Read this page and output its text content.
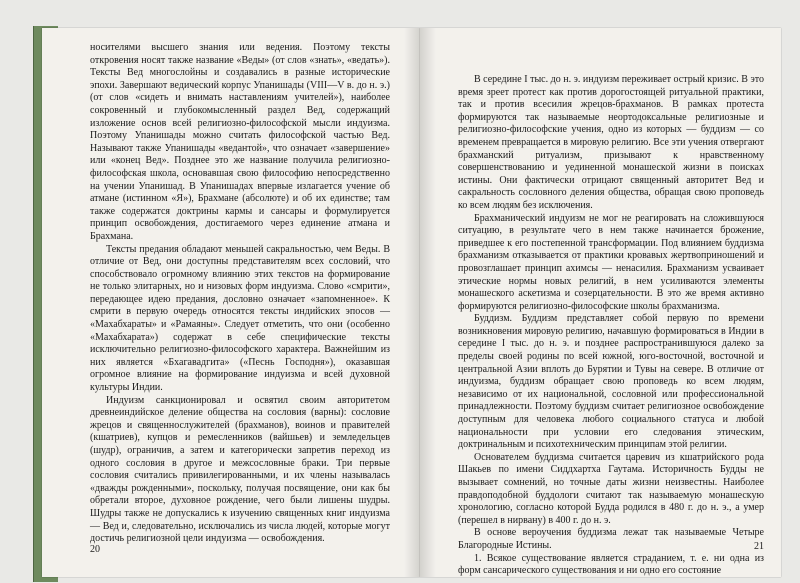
носителями высшего знания или ведения. Поэтому тексты откровения носят также название «Веды» (от слов «знать», «ведать»). Тексты Вед многослойны и создавались в разные исторические эпохи. Завершают ведический корпус Упанишады (VIII—V в. до н. э.) (от слов «сидеть и внимать наставлениям учителей»), наиболее сокровенный и глубокомысленный раздел Вед, содержащий изложение основ всей религиозно-философской мысли индуизма. Поэтому Упанишады можно считать философской частью Вед. Называют также Упанишады «ведантой», что означает «завершение» или «конец Вед». Позднее это же название получила религиозно-философская школа, основавшая свою философию непосредственно на учении Упанишад. В Упанишадах впервые излагается учение об атмане (истинном «Я»), Брахмане (абсолюте) и об их единстве; там также содержатся доктрины кармы и сансары и формулируется принцип освобождения, достигаемого через единение атмана и Брахмана.

Тексты предания обладают меньшей сакральностью, чем Веды. В отличие от Вед, они доступны представителям всех сословий, что способствовало огромному влиянию этих текстов на формирование не только элитарных, но и низовых форм индуизма. Слово «смрити», передающее идею предания, дословно означает «запомненное». К смрити в первую очередь относятся тексты индийских эпосов — «Махабхараты» и «Рамаяны». Следует отметить, что они (особенно «Махабхарата») содержат в себе специфические тексты исключительно религиозно-философского характера. Важнейшим из них является «Бхагавадгита» («Песнь Господня»), оказавшая огромное влияние на формирование индуизма и всей духовной культуры Индии.

Индуизм санкционировал и освятил своим авторитетом древнеиндийское деление общества на сословия (варны): сословие жрецов и священнослужителей (брахманов), воинов и правителей (кшатриев), купцов и ремесленников (вайшьев) и земледельцев (шудр), ограничив, а затем и категорически запретив переход из одного сословия в другое и межсословные браки. Три первые сословия считались привилегированными, и их члены называлась «дважды рожденными», поскольку, получая посвящение, они как бы обретали второе, духовное рождение, чего были лишены шудры. Шудры также не допускались к изучению священных книг индуизма — Вед и, следовательно, исключались из числа людей, которые могут достичь религиозной цели индуизма — освобождения.

20

В середине I тыс. до н. э. индуизм переживает острый кризис. В это время зреет протест как против дорогостоящей ритуальной практики, так и против всесилия жрецов-брахманов. В рамках протеста формируются так называемые неортодоксальные религиозные и религиозно-философские учения, одно из которых — буддизм — со временем превращается в мировую религию. Все эти учения отвергают брахманский ритуализм, призывают к нравственному совершенствованию и уединенной монашеской жизни в поисках истины. Они фактически отрицают священный авторитет Вед и сакральность сословного деления общества, обращая свою проповедь ко всем людям без исключения.

Брахманический индуизм не мог не реагировать на сложившуюся ситуацию, в результате чего в нем также начинается брожение, приведшее к его постепенной трансформации. Под влиянием буддизма брахманизм отказывается от практики кровавых жертвоприношений и провозглашает принцип ахимсы — ненасилия. Брахманизм усваивает этические нормы новых религий, в нем усиливаются элементы монашеского аскетизма и созерцательности. В это же время активно формируются религиозно-философские школы брахманизма.

Буддизм. Буддизм представляет собой первую по времени возникновения мировую религию, начавшую формироваться в Индии в середине I тыс. до н. э. и позднее распространившуюся далеко за пределы своей родины по всей южной, юго-восточной, восточной и центральной Азии вплоть до Бурятии и Тувы на севере. В отличие от индуизма, буддизм обращает свою проповедь ко всем людям, независимо от их национальной, сословной или профессиональной принадлежности. Поэтому буддизм считает религиозное освобождение доступным для человека любого социального статуса и любой национальности при условии его следования этическим, доктринальным и психотехническим принципам этой религии.

Основателем буддизма считается царевич из кшатрийского рода Шакьев по имени Сиддхартха Гаутама. Историчность Будды не вызывает сомнений, но точные даты жизни неизвестны. Наиболее правдоподобной буддологи считают так называемую монашескую хронологию, согласно которой Будда родился в 480 г. до н. э., а умер (перешел в нирвану) в 400 г. до н. э.

В основе вероучения буддизма лежат так называемые Четыре Благородные Истины.

1. Всякое существование является страданием, т. е. ни одна из форм сансарического существования и ни одно его состояние

21
